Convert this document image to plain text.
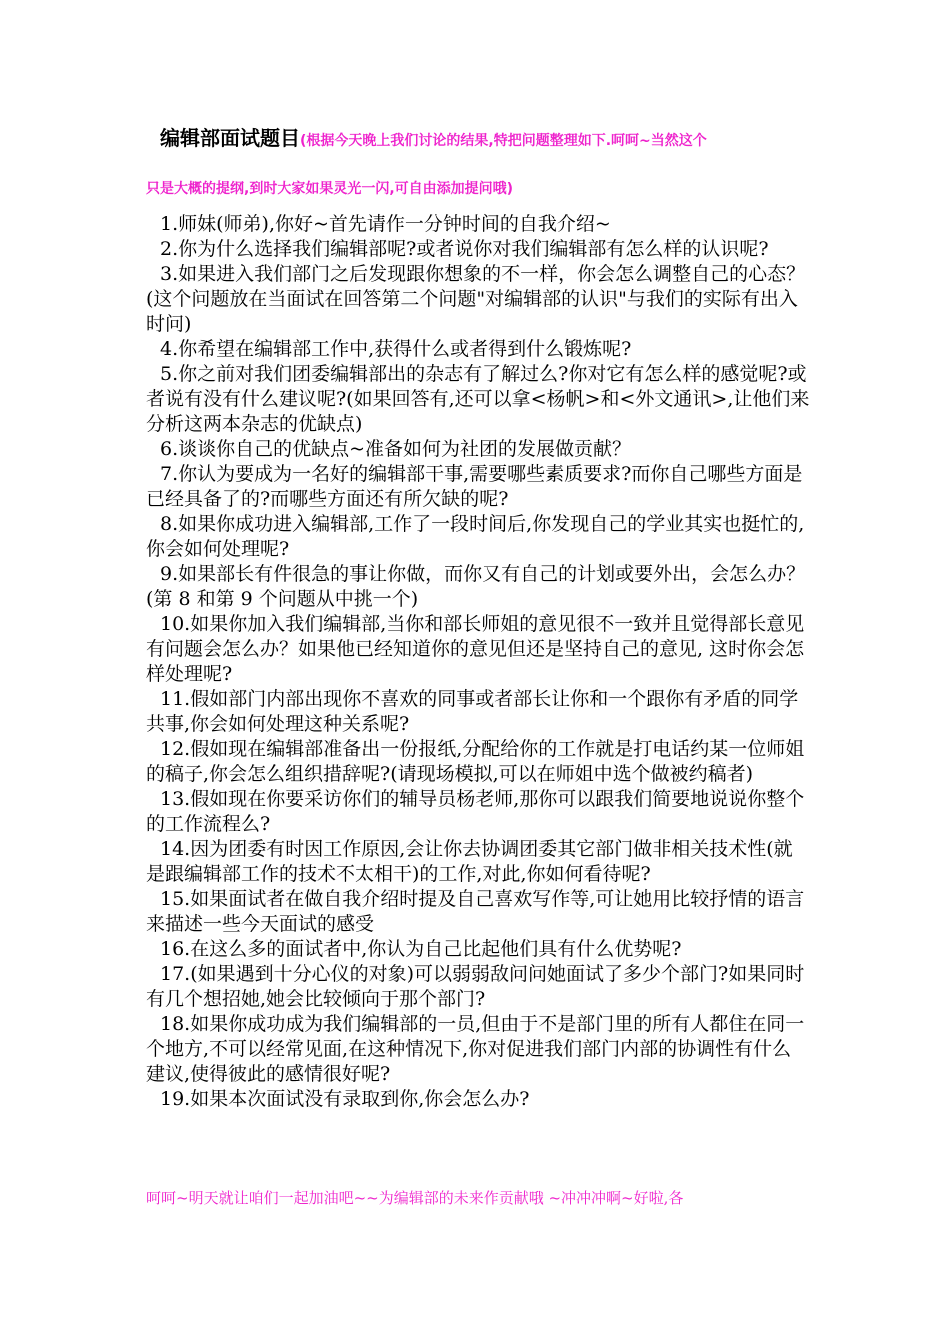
编辑部面试题目(根据今天晚上我们讨论的结果,特把问题整理如下.呵呵~当然这个
只是大概的提纲,到时大家如果灵光一闪,可自由添加提问哦)

1.师妹(师弟),你好~首先请作一分钟时间的自我介绍~

2.你为什么选择我们编辑部呢?或者说你对我们编辑部有怎么样的认识呢?

3.如果进入我们部门之后发现跟你想象的不一样，你会怎么调整自己的心态？ (这个问题放在当面试在回答第二个问题"对编辑部的认识"与我们的实际有出入时问)

4.你希望在编辑部工作中,获得什么或者得到什么锻炼呢?

5.你之前对我们团委编辑部出的杂志有了解过么?你对它有怎么样的感觉呢?或者说有没有什么建议呢?(如果回答有,还可以拿<杨帆>和<外文通讯>,让他们来分析这两本杂志的优缺点)

6.谈谈你自己的优缺点~准备如何为社团的发展做贡献？

7.你认为要成为一名好的编辑部干事,需要哪些素质要求?而你自己哪些方面是已经具备了的?而哪些方面还有所欠缺的呢?

8.如果你成功进入编辑部,工作了一段时间后,你发现自己的学业其实也挺忙的,你会如何处理呢?

9.如果部长有件很急的事让你做，而你又有自己的计划或要外出，会怎么办？ (第 8 和第 9 个问题从中挑一个)

10.如果你加入我们编辑部,当你和部长师姐的意见很不一致并且觉得部长意见有问题会怎么办？如果他已经知道你的意见但还是坚持自己的意见, 这时你会怎样处理呢?

11.假如部门内部出现你不喜欢的同事或者部长让你和一个跟你有矛盾的同学共事,你会如何处理这种关系呢?

12.假如现在编辑部准备出一份报纸,分配给你的工作就是打电话约某一位师姐的稿子,你会怎么组织措辞呢?(请现场模拟,可以在师姐中选个做被约稿者)

13.假如现在你要采访你们的辅导员杨老师,那你可以跟我们简要地说说你整个的工作流程么?

14.因为团委有时因工作原因,会让你去协调团委其它部门做非相关技术性(就是跟编辑部工作的技术不太相干)的工作,对此,你如何看待呢?

15.如果面试者在做自我介绍时提及自己喜欢写作等,可让她用比较抒情的语言来描述一些今天面试的感受

16.在这么多的面试者中,你认为自己比起他们具有什么优势呢?

17.(如果遇到十分心仪的对象)可以弱弱敌问问她面试了多少个部门?如果同时有几个想招她,她会比较倾向于那个部门?

18.如果你成功成为我们编辑部的一员,但由于不是部门里的所有人都住在同一个地方,不可以经常见面,在这种情况下,你对促进我们部门内部的协调性有什么建议,使得彼此的感情很好呢?

19.如果本次面试没有录取到你,你会怎么办?

呵呵~明天就让咱们一起加油吧~~为编辑部的未来作贡献哦 ~冲冲冲啊~好啦,各
